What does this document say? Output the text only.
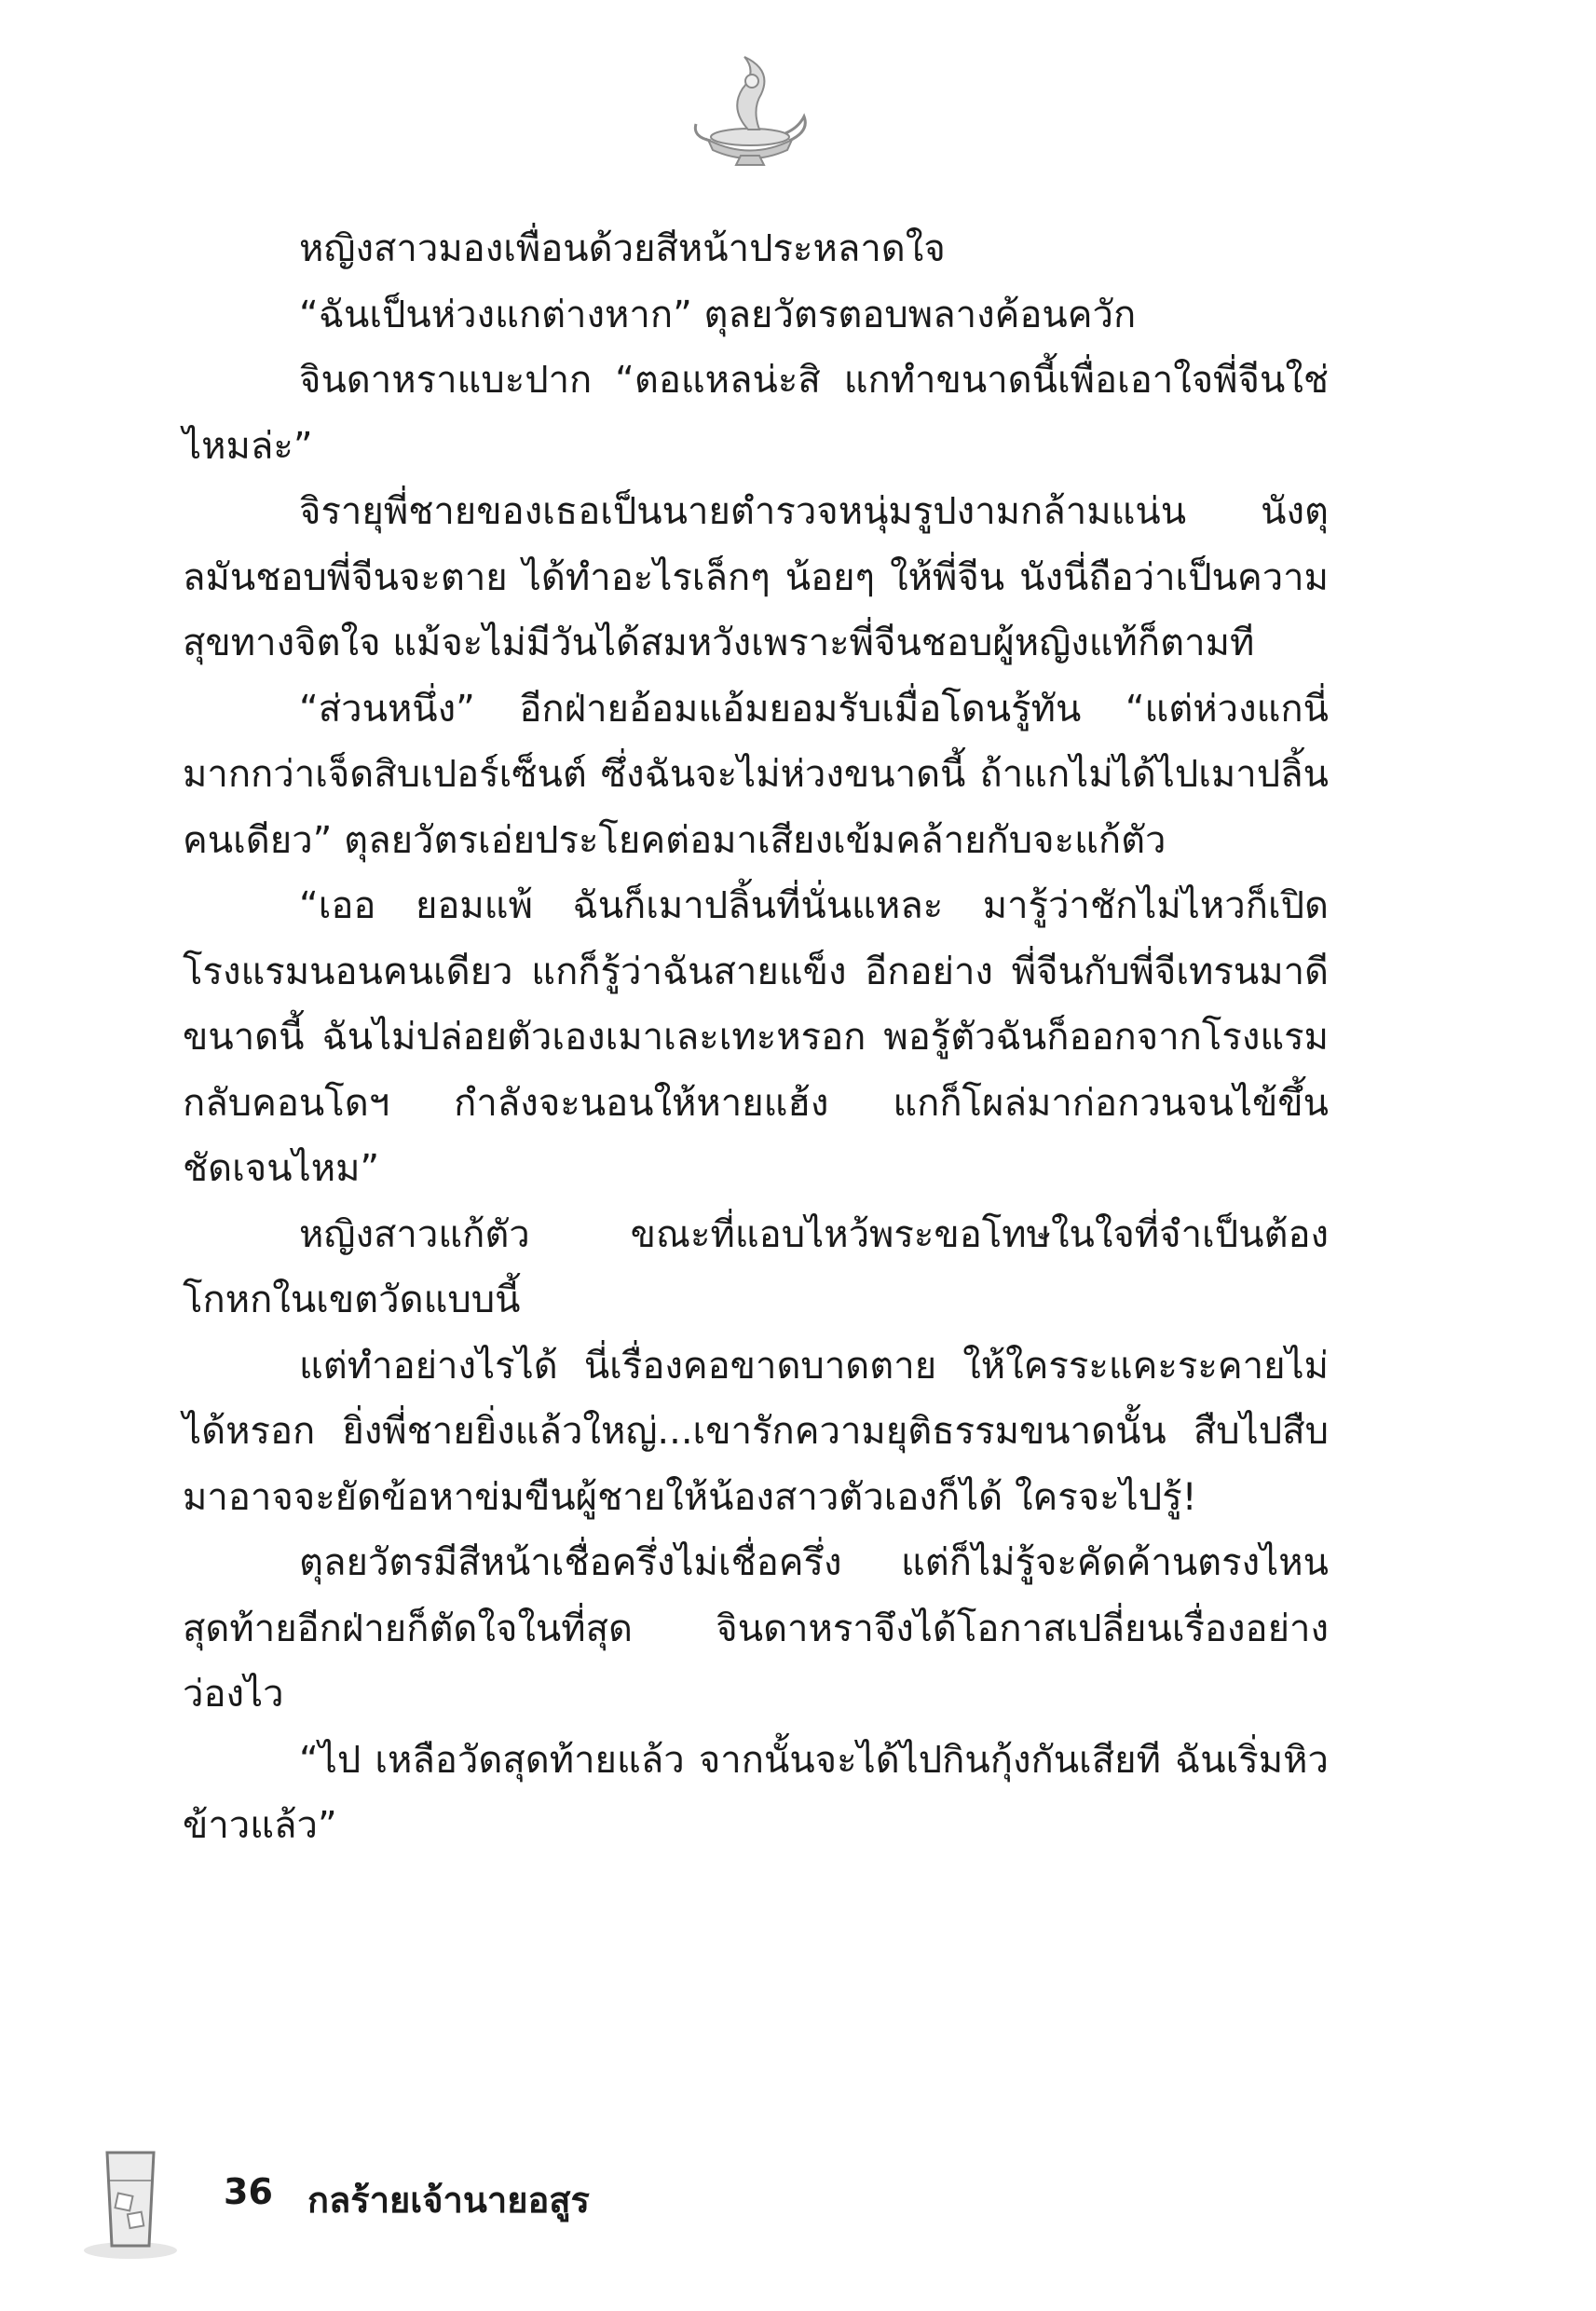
หญิงสาวมองเพื่อนด้วยสีหน้าประหลาดใจ

“ฉันเป็นห่วงแกต่างหาก” ตุลยวัตรตอบพลางค้อนควัก

จินดาหราแบะปาก “ตอแหลน่ะสิ แกทำขนาดนี้เพื่อเอาใจพี่จีนใช่ไหมล่ะ”

จิรายุพี่ชายของเธอเป็นนายตำรวจหนุ่มรูปงามกล้ามแน่น นังตุลมันชอบพี่จีนจะตาย ได้ทำอะไรเล็กๆ น้อยๆ ให้พี่จีน นังนี่ถือว่าเป็นความสุขทางจิตใจ แม้จะไม่มีวันได้สมหวังเพราะพี่จีนชอบผู้หญิงแท้ก็ตามที

“ส่วนหนึ่ง” อีกฝ่ายอ้อมแอ้มยอมรับเมื่อโดนรู้ทัน “แต่ห่วงแกนี่มากกว่าเจ็ดสิบเปอร์เซ็นต์ ซึ่งฉันจะไม่ห่วงขนาดนี้ ถ้าแกไม่ได้ไปเมาปลิ้นคนเดียว” ตุลยวัตรเอ่ยประโยคต่อมาเสียงเข้มคล้ายกับจะแก้ตัว

“เออ ยอมแพ้ ฉันก็เมาปลิ้นที่นั่นแหละ มารู้ว่าชักไม่ไหวก็เปิดโรงแรมนอนคนเดียว แกก็รู้ว่าฉันสายแข็ง อีกอย่าง พี่จีนกับพี่จีเทรนมาดีขนาดนี้ ฉันไม่ปล่อยตัวเองเมาเละเทะหรอก พอรู้ตัวฉันก็ออกจากโรงแรม กลับคอนโดฯ กำลังจะนอนให้หายแฮ้ง แกก็โผล่มาก่อกวนจนไข้ขึ้น ชัดเจนไหม”

หญิงสาวแก้ตัว ขณะที่แอบไหว้พระขอโทษในใจที่จำเป็นต้องโกหกในเขตวัดแบบนี้

แต่ทำอย่างไรได้ นี่เรื่องคอขาดบาดตาย ให้ใครระแคะระคายไม่ได้หรอก ยิ่งพี่ชายยิ่งแล้วใหญ่...เขารักความยุติธรรมขนาดนั้น สืบไปสืบมาอาจจะยัดข้อหาข่มขืนผู้ชายให้น้องสาวตัวเองก็ได้ ใครจะไปรู้!

ตุลยวัตรมีสีหน้าเชื่อครึ่งไม่เชื่อครึ่ง แต่ก็ไม่รู้จะคัดค้านตรงไหน สุดท้ายอีกฝ่ายก็ตัดใจในที่สุด จินดาหราจึงได้โอกาสเปลี่ยนเรื่องอย่างว่องไว

“ไป เหลือวัดสุดท้ายแล้ว จากนั้นจะได้ไปกินกุ้งกันเสียที ฉันเริ่มหิวข้าวแล้ว”

36 กลร้ายเจ้านายอสูร
